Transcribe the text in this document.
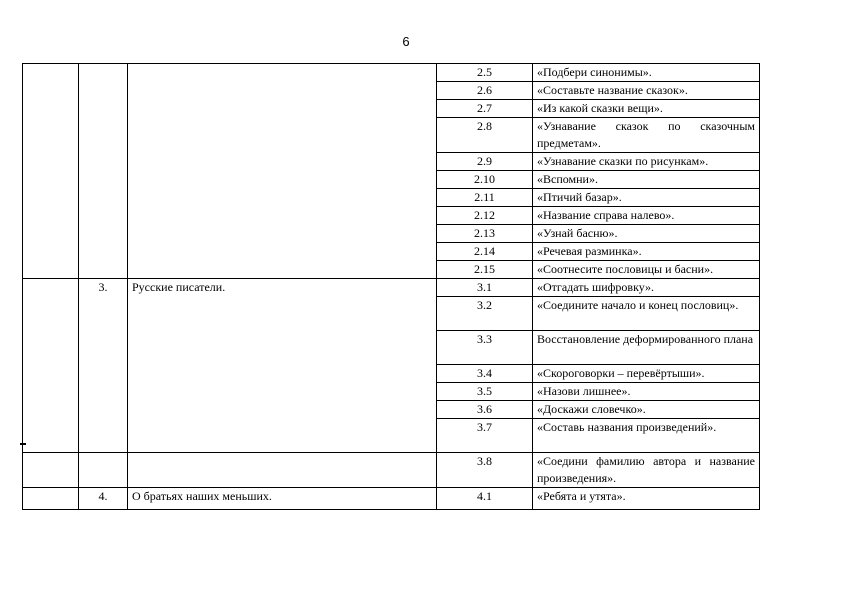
6
			2.5	«Подбери синонимы».
			2.6	«Составьте название сказок».
			2.7	«Из какой сказки вещи».
			2.8	«Узнавание сказок по сказочным предметам».
			2.9	«Узнавание сказки по рисункам».
			2.10	«Вспомни».
			2.11	«Птичий базар».
			2.12	«Название справа налево».
			2.13	«Узнай басню».
			2.14	«Речевая разминка».
			2.15	«Соотнесите пословицы и басни».
	3.	Русские писатели.	3.1	«Отгадать шифровку».
			3.2	«Соедините начало и конец пословиц».
			3.3	Восстановление деформированного плана
			3.4	«Скороговорки – перевёртыши».
			3.5	«Назови лишнее».
			3.6	«Доскажи словечко».
			3.7	«Составь названия произведений».
			3.8	«Соедини фамилию автора и название произведения».
	4.	О братьях наших меньших.	4.1	«Ребята и утята».
